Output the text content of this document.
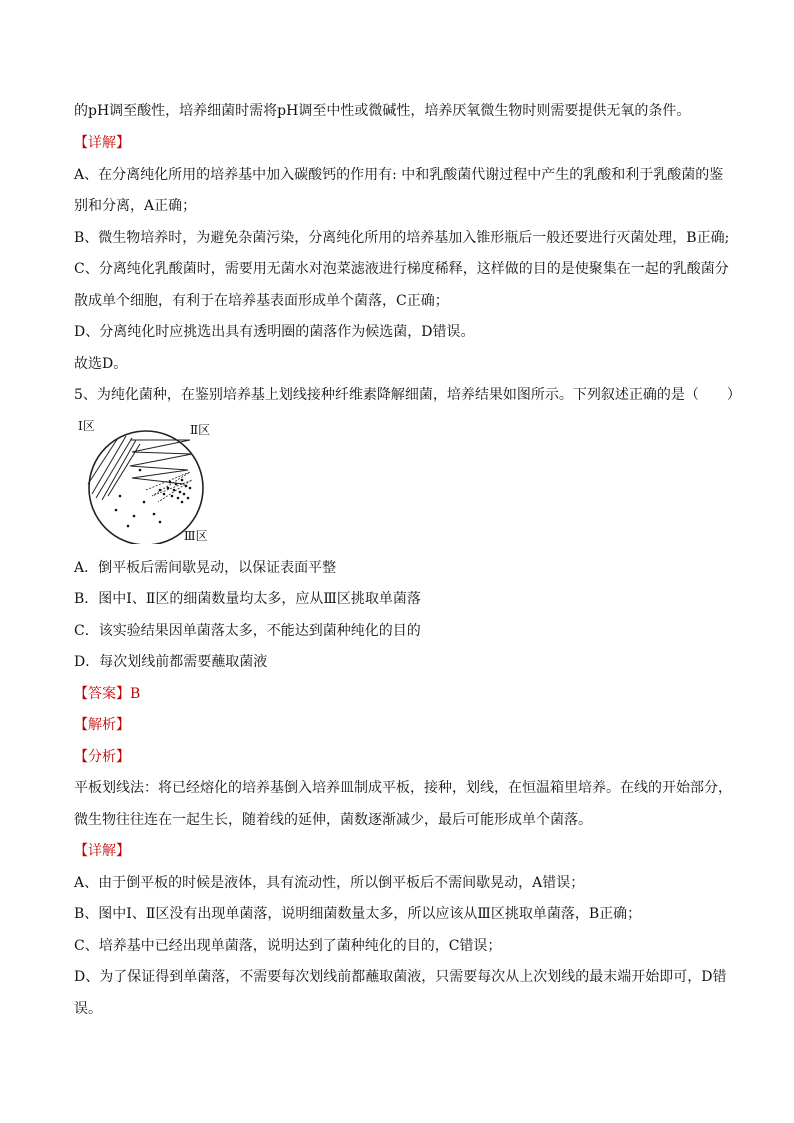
的pH调至酸性，培养细菌时需将pH调至中性或微碱性，培养厌氧微生物时则需要提供无氧的条件。
【详解】
A、在分离纯化所用的培养基中加入碳酸钙的作用有: 中和乳酸菌代谢过程中产生的乳酸和利于乳酸菌的鉴
别和分离，A正确；
B、微生物培养时，为避免杂菌污染，分离纯化所用的培养基加入锥形瓶后一般还要进行灭菌处理，B正确;
C、分离纯化乳酸菌时，需要用无菌水对泡菜滤液进行梯度稀释，这样做的目的是使聚集在一起的乳酸菌分
散成单个细胞，有利于在培养基表面形成单个菌落，C正确；
D、分离纯化时应挑选出具有透明圈的菌落作为候选菌，D错误。
故选D。
5、为纯化菌种，在鉴别培养基上划线接种纤维素降解细菌，培养结果如图所示。下列叙述正确的是（　　）
Ⅰ区	Ⅱ区
Ⅲ区
A．倒平板后需间歇晃动，以保证表面平整
B．图中Ⅰ、Ⅱ区的细菌数量均太多，应从Ⅲ区挑取单菌落
C．该实验结果因单菌落太多，不能达到菌种纯化的目的
D．每次划线前都需要蘸取菌液
【答案】B
【解析】
【分析】
平板划线法：将已经熔化的培养基倒入培养皿制成平板，接种，划线，在恒温箱里培养。在线的开始部分，
微生物往往连在一起生长，随着线的延伸，菌数逐渐减少，最后可能形成单个菌落。
【详解】
A、由于倒平板的时候是液体，具有流动性，所以倒平板后不需间歇晃动，A错误；
B、图中Ⅰ、Ⅱ区没有出现单菌落，说明细菌数量太多，所以应该从Ⅲ区挑取单菌落，B正确；
C、培养基中已经出现单菌落，说明达到了菌种纯化的目的，C错误；
D、为了保证得到单菌落，不需要每次划线前都蘸取菌液，只需要每次从上次划线的最末端开始即可，D错
误。
